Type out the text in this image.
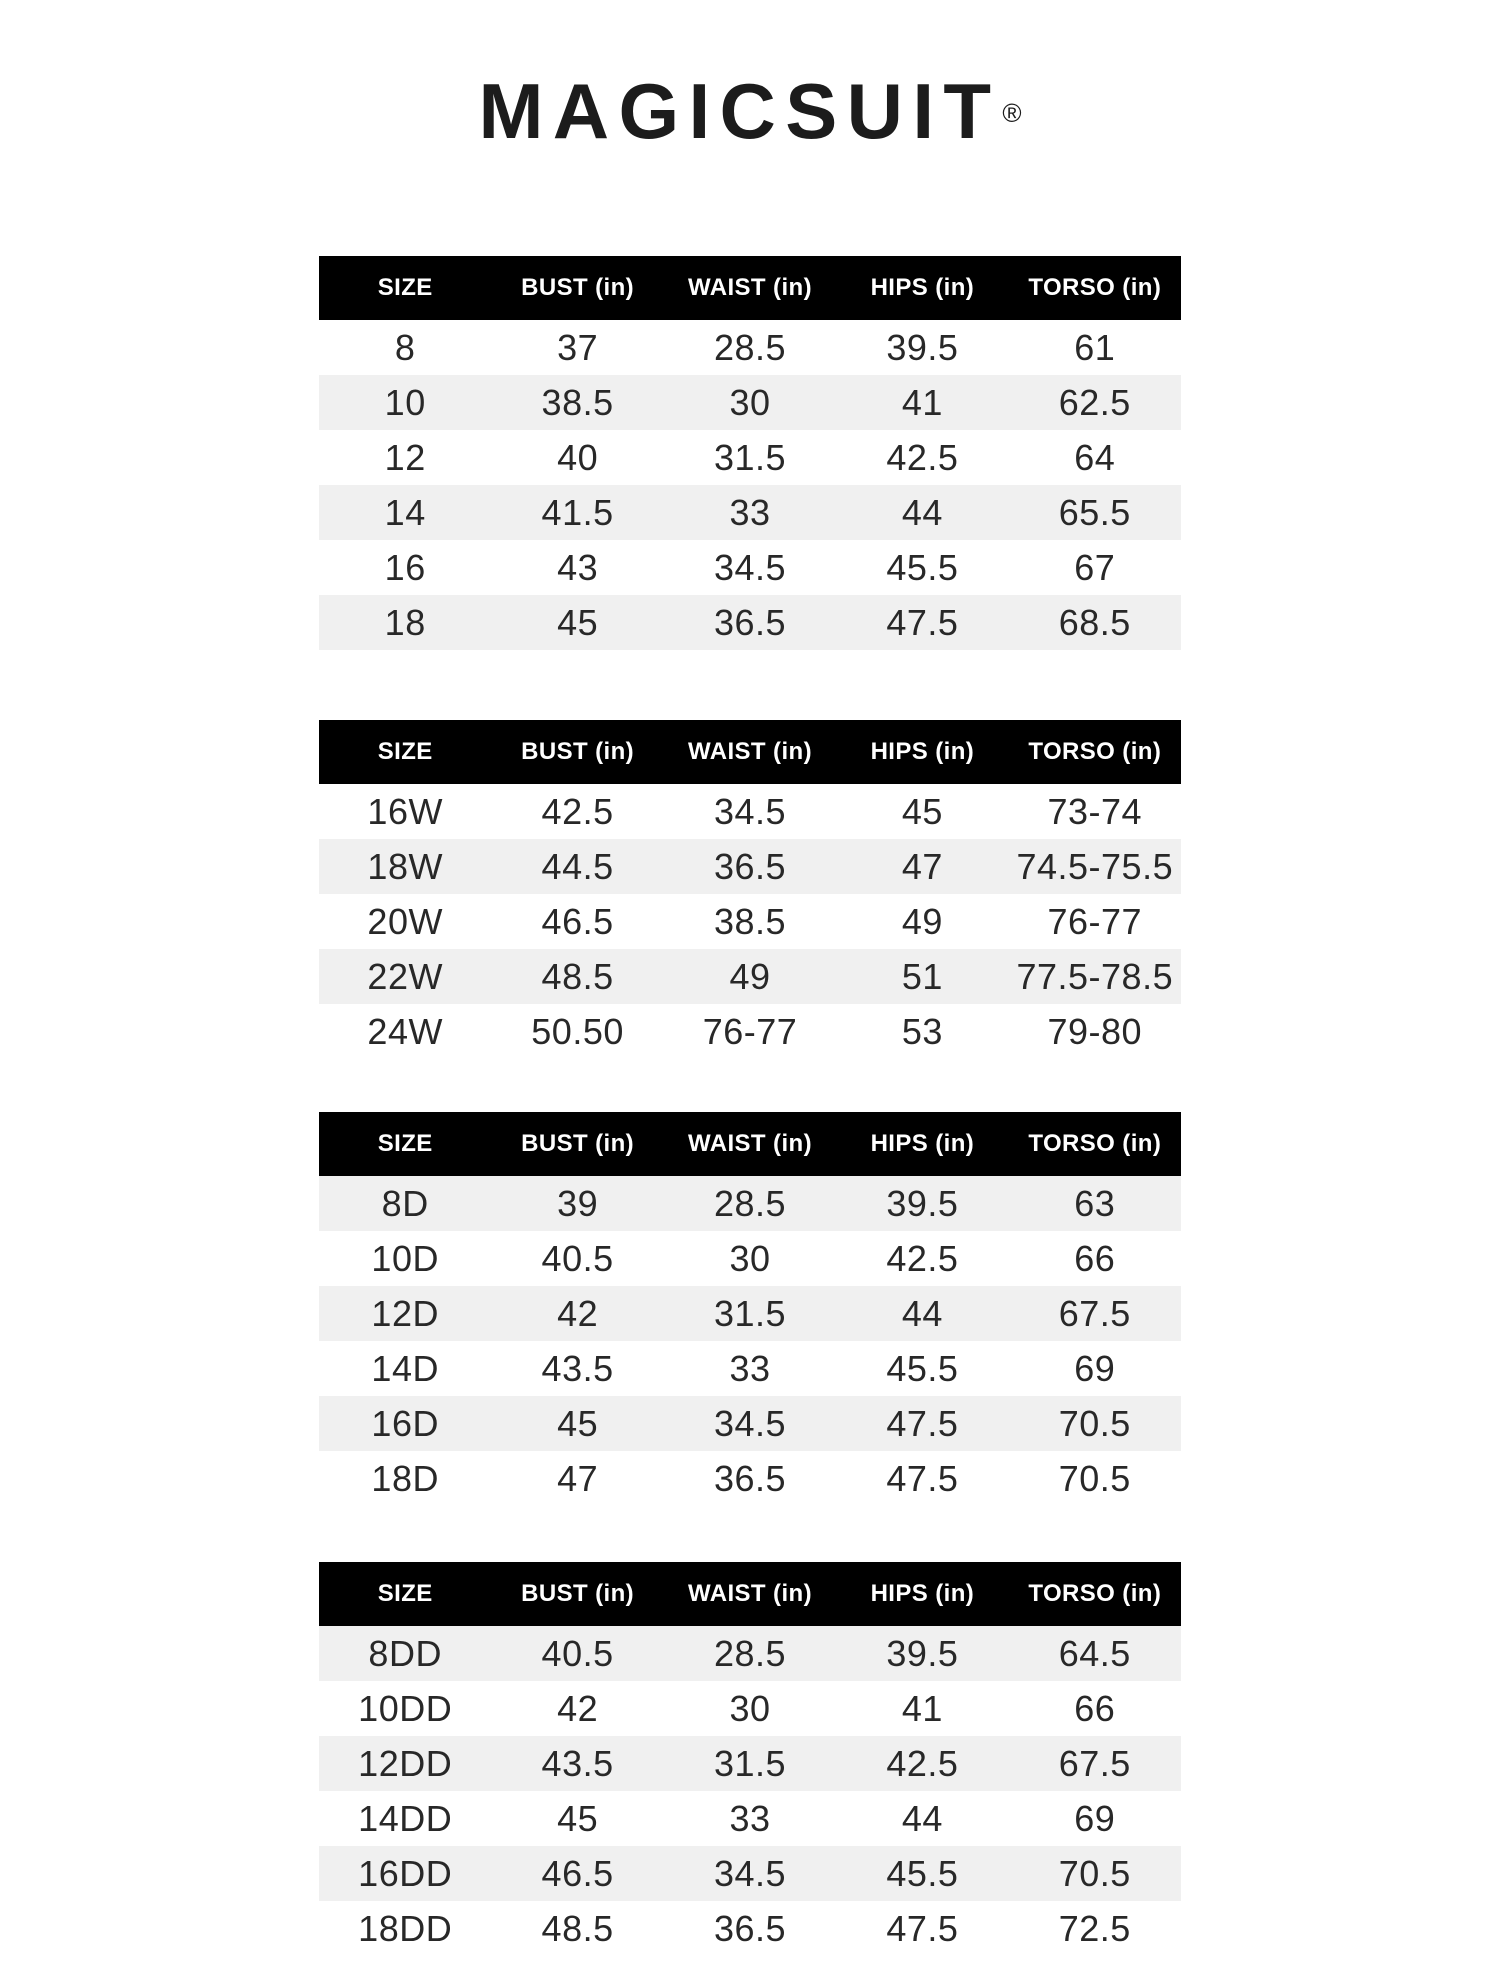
MAGICSUIT®
SIZE	BUST (in)	WAIST (in)	HIPS (in)	TORSO (in)
8	37	28.5	39.5	61
10	38.5	30	41	62.5
12	40	31.5	42.5	64
14	41.5	33	44	65.5
16	43	34.5	45.5	67
18	45	36.5	47.5	68.5
SIZE	BUST (in)	WAIST (in)	HIPS (in)	TORSO (in)
16W	42.5	34.5	45	73-74
18W	44.5	36.5	47	74.5-75.5
20W	46.5	38.5	49	76-77
22W	48.5	49	51	77.5-78.5
24W	50.50	76-77	53	79-80
SIZE	BUST (in)	WAIST (in)	HIPS (in)	TORSO (in)
8D	39	28.5	39.5	63
10D	40.5	30	42.5	66
12D	42	31.5	44	67.5
14D	43.5	33	45.5	69
16D	45	34.5	47.5	70.5
18D	47	36.5	47.5	70.5
SIZE	BUST (in)	WAIST (in)	HIPS (in)	TORSO (in)
8DD	40.5	28.5	39.5	64.5
10DD	42	30	41	66
12DD	43.5	31.5	42.5	67.5
14DD	45	33	44	69
16DD	46.5	34.5	45.5	70.5
18DD	48.5	36.5	47.5	72.5
